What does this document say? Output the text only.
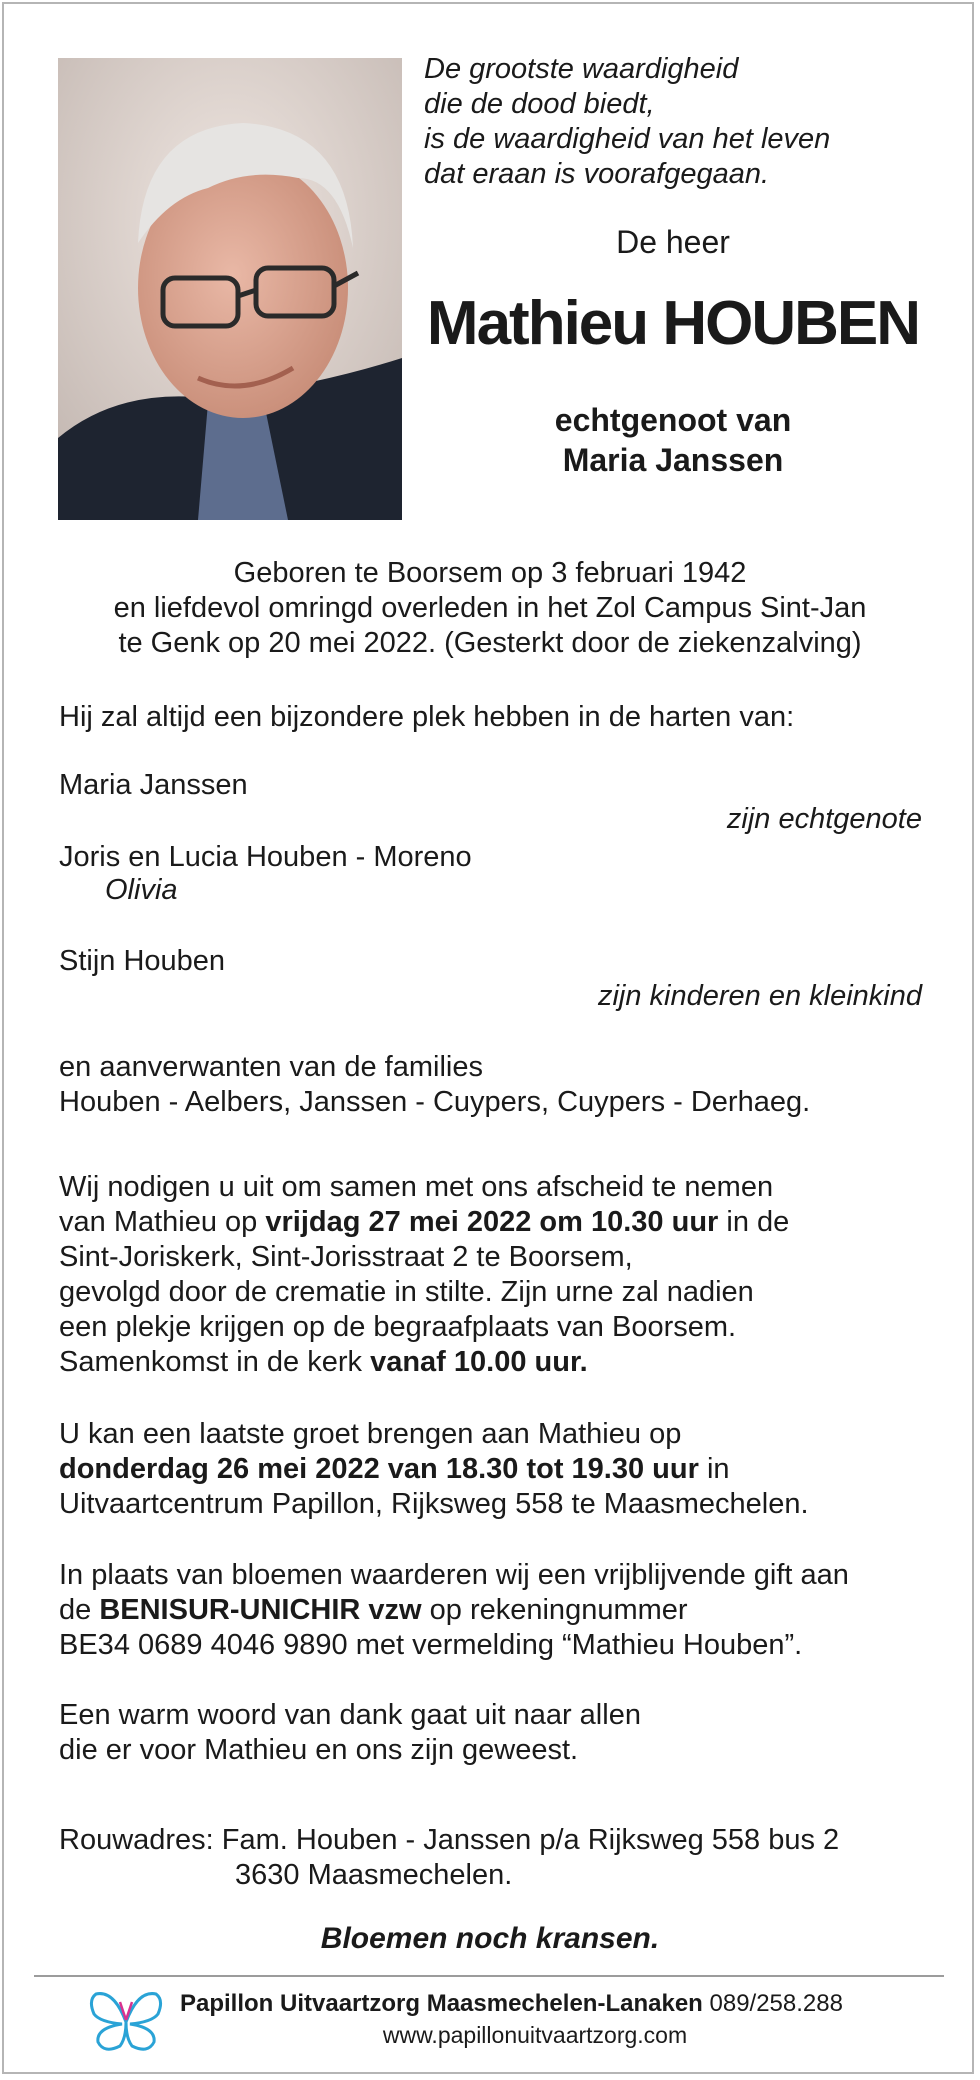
De grootste waardigheid
die de dood biedt,
is de waardigheid van het leven
dat eraan is voorafgegaan.
De heer
Mathieu HOUBEN
echtgenoot van
Maria Janssen
Geboren te Boorsem op 3 februari 1942
en liefdevol omringd overleden in het Zol Campus Sint-Jan
te Genk op 20 mei 2022. (Gesterkt door de ziekenzalving)
Hij zal altijd een bijzondere plek hebben in de harten van:
Maria Janssen
zijn echtgenote
Joris en Lucia Houben - Moreno
Olivia
Stijn Houben
zijn kinderen en kleinkind
en aanverwanten van de families
Houben - Aelbers, Janssen - Cuypers, Cuypers - Derhaeg.
Wij nodigen u uit om samen met ons afscheid te nemen
van Mathieu op vrijdag 27 mei 2022 om 10.30 uur in de
Sint-Joriskerk, Sint-Jorisstraat 2 te Boorsem,
gevolgd door de crematie in stilte. Zijn urne zal nadien
een plekje krijgen op de begraafplaats van Boorsem.
Samenkomst in de kerk vanaf 10.00 uur.
U kan een laatste groet brengen aan Mathieu op
donderdag 26 mei 2022 van 18.30 tot 19.30 uur in
Uitvaartcentrum Papillon, Rijksweg 558 te Maasmechelen.
In plaats van bloemen waarderen wij een vrijblijvende gift aan
de BENISUR-UNICHIR vzw op rekeningnummer
BE34 0689 4046 9890 met vermelding “Mathieu Houben”.
Een warm woord van dank gaat uit naar allen
die er voor Mathieu en ons zijn geweest.
Rouwadres: Fam. Houben - Janssen p/a Rijksweg 558 bus 2
3630 Maasmechelen.
Bloemen noch kransen.
Papillon Uitvaartzorg Maasmechelen-Lanaken 089/258.288
www.papillonuitvaartzorg.com
